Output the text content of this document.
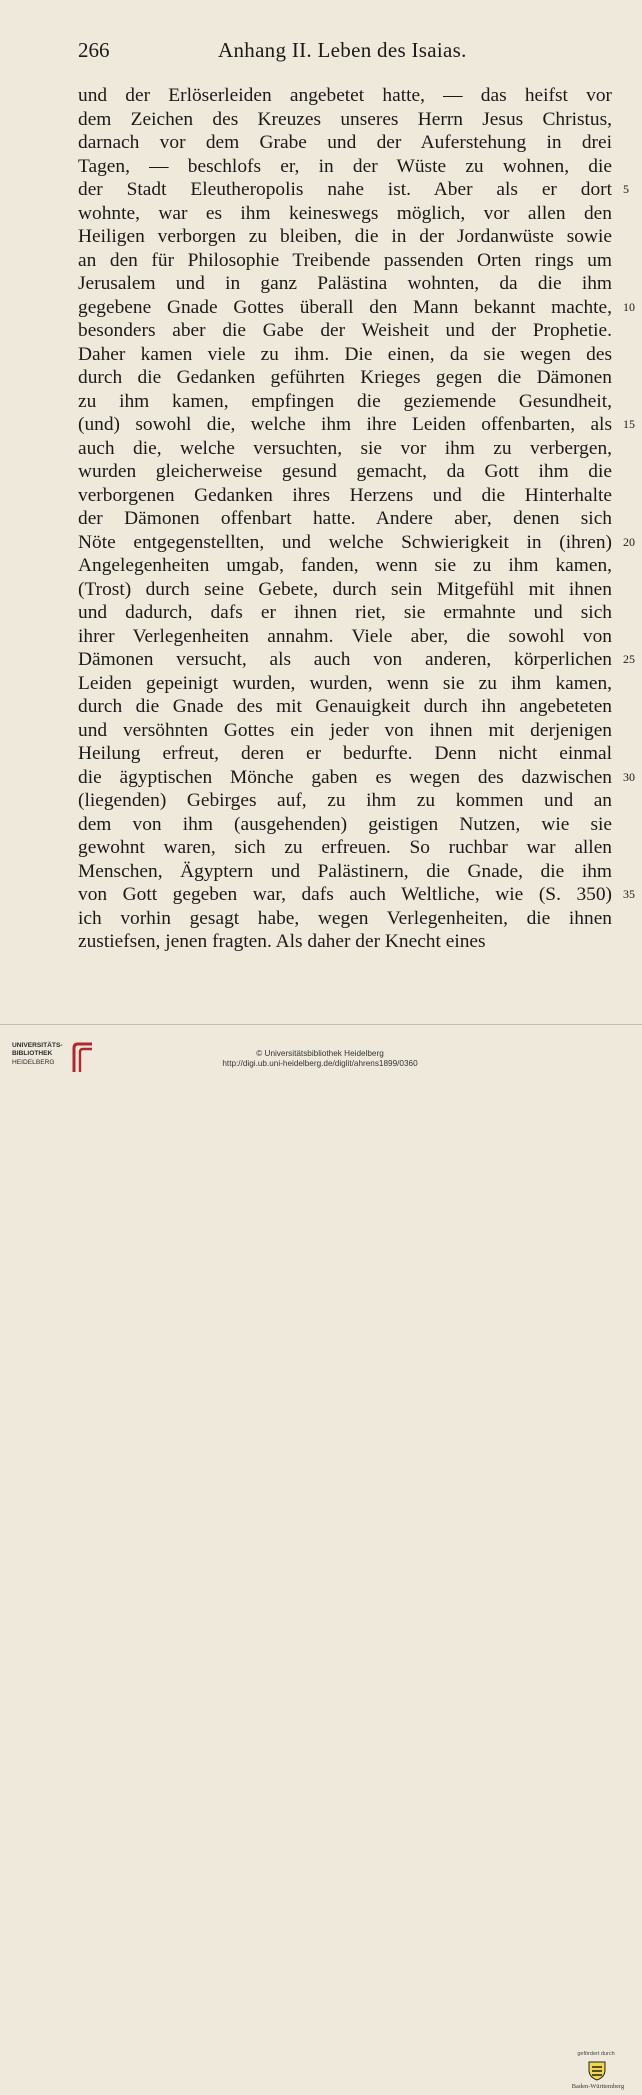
266	Anhang II. Leben des Isaias.
und der Erlöserleiden angebetet hatte, — das heifst vor
dem Zeichen des Kreuzes unseres Herrn Jesus Christus,
darnach vor dem Grabe und der Auferstehung in drei
Tagen, — beschlofs er, in der Wüste zu wohnen, die
der Stadt Eleutheropolis nahe ist. Aber als er dort 5
wohnte, war es ihm keineswegs möglich, vor allen den
Heiligen verborgen zu bleiben, die in der Jordanwüste sowie
an den für Philosophie Treibende passenden Orten rings um
Jerusalem und in ganz Palästina wohnten, da die ihm
gegebene Gnade Gottes überall den Mann bekannt machte, 10
besonders aber die Gabe der Weisheit und der Prophetie.
Daher kamen viele zu ihm. Die einen, da sie wegen des
durch die Gedanken geführten Krieges gegen die Dämonen
zu ihm kamen, empfingen die geziemende Gesundheit,
(und) sowohl die, welche ihm ihre Leiden offenbarten, als 15
auch die, welche versuchten, sie vor ihm zu verbergen,
wurden gleicherweise gesund gemacht, da Gott ihm die
verborgenen Gedanken ihres Herzens und die Hinterhalte
der Dämonen offenbart hatte. Andere aber, denen sich
Nöte entgegenstellten, und welche Schwierigkeit in (ihren) 20
Angelegenheiten umgab, fanden, wenn sie zu ihm kamen,
(Trost) durch seine Gebete, durch sein Mitgefühl mit ihnen
und dadurch, dafs er ihnen riet, sie ermahnte und sich
ihrer Verlegenheiten annahm. Viele aber, die sowohl von
Dämonen versucht, als auch von anderen, körperlichen 25
Leiden gepeinigt wurden, wurden, wenn sie zu ihm kamen,
durch die Gnade des mit Genauigkeit durch ihn angebeteten
und versöhnten Gottes ein jeder von ihnen mit derjenigen
Heilung erfreut, deren er bedurfte. Denn nicht einmal
die ägyptischen Mönche gaben es wegen des dazwischen 30
(liegenden) Gebirges auf, zu ihm zu kommen und an
dem von ihm (ausgehenden) geistigen Nutzen, wie sie
gewohnt waren, sich zu erfreuen. So ruchbar war allen
Menschen, Ägyptern und Palästinern, die Gnade, die ihm
von Gott gegeben war, dafs auch Weltliche, wie (S. 350) 35
ich vorhin gesagt habe, wegen Verlegenheiten, die ihnen
zustiefsen, jenen fragten. Als daher der Knecht eines
UNIVERSITÄTS-
BIBLIOTHEK
HEIDELBERG
gefördert durch
Baden-Württemberg
© Universitätsbibliothek Heidelberg
http://digi.ub.uni-heidelberg.de/diglit/ahrens1899/0360
